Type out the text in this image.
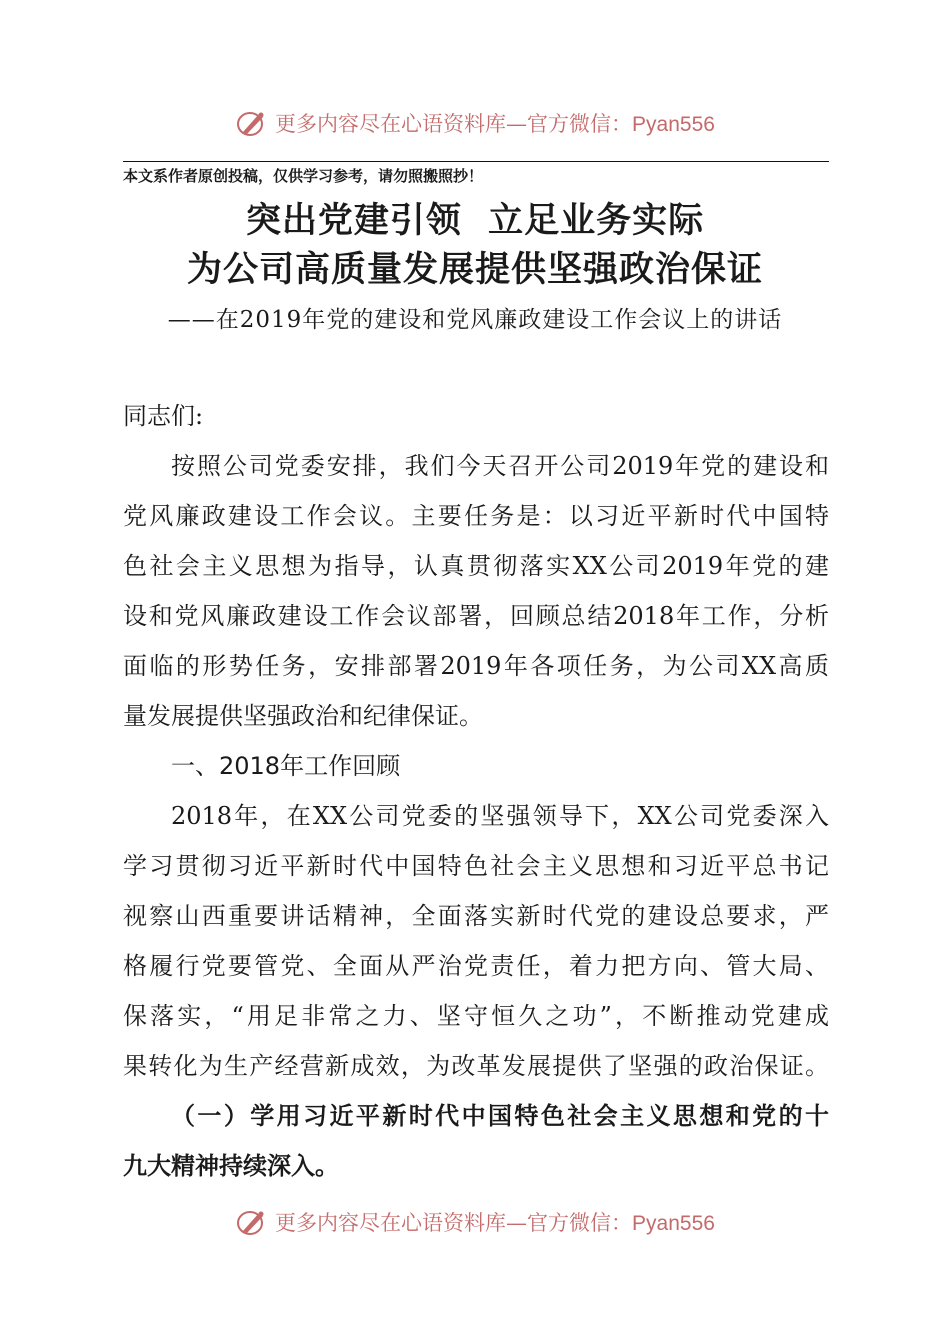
更多内容尽在心语资料库—官方微信：Pyan556
本文系作者原创投稿，仅供学习参考，请勿照搬照抄！
突出党建引领  立足业务实际
为公司高质量发展提供坚强政治保证
——在2019年党的建设和党风廉政建设工作会议上的讲话
同志们:
按照公司党委安排，我们今天召开公司2019年党的建设和
党风廉政建设工作会议。主要任务是：以习近平新时代中国特
色社会主义思想为指导，认真贯彻落实XX公司2019年党的建
设和党风廉政建设工作会议部署，回顾总结2018年工作，分析
面临的形势任务，安排部署2019年各项任务，为公司XX高质
量发展提供坚强政治和纪律保证。
一、2018年工作回顾
2018年，在XX公司党委的坚强领导下，XX公司党委深入
学习贯彻习近平新时代中国特色社会主义思想和习近平总书记
视察山西重要讲话精神，全面落实新时代党的建设总要求，严
格履行党要管党、全面从严治党责任，着力把方向、管大局、
保落实，“用足非常之力、坚守恒久之功”，不断推动党建成
果转化为生产经营新成效，为改革发展提供了坚强的政治保证。
（一）学用习近平新时代中国特色社会主义思想和党的十
九大精神持续深入。
更多内容尽在心语资料库—官方微信：Pyan556
